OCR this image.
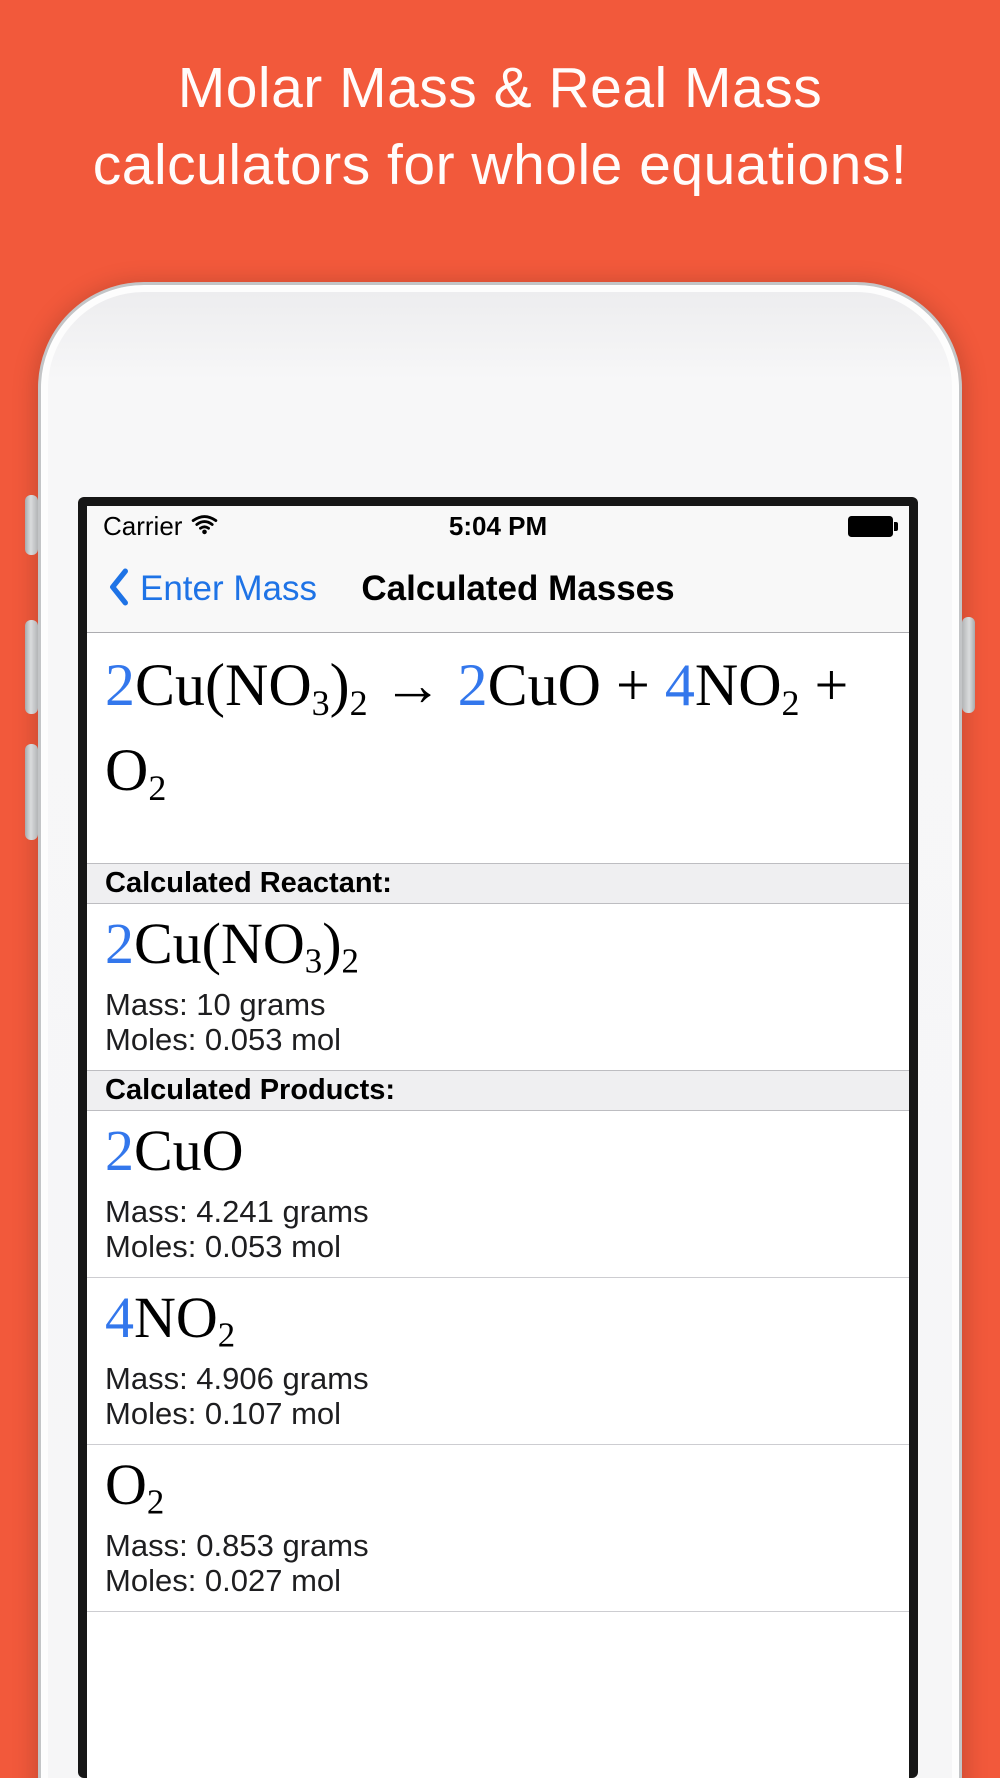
Molar Mass & Real Mass
calculators for whole equations!
Carrier	5:04 PM
Enter Mass	Calculated Masses
$2Cu(NO_3)_2 \to 2CuO + 4NO_2$ +
$O_2$
Calculated Reactant:
$2Cu(NO_3)_2$
Mass: 10 grams
Moles: 0.053 mol
Calculated Products:
2CuO
Mass: 4.241 grams
Moles: 0.053 mol
$4NO_2$
Mass: 4.906 grams
Moles: 0.107 mol
$O_2$
Mass: 0.853 grams
Moles: 0.027 mol
